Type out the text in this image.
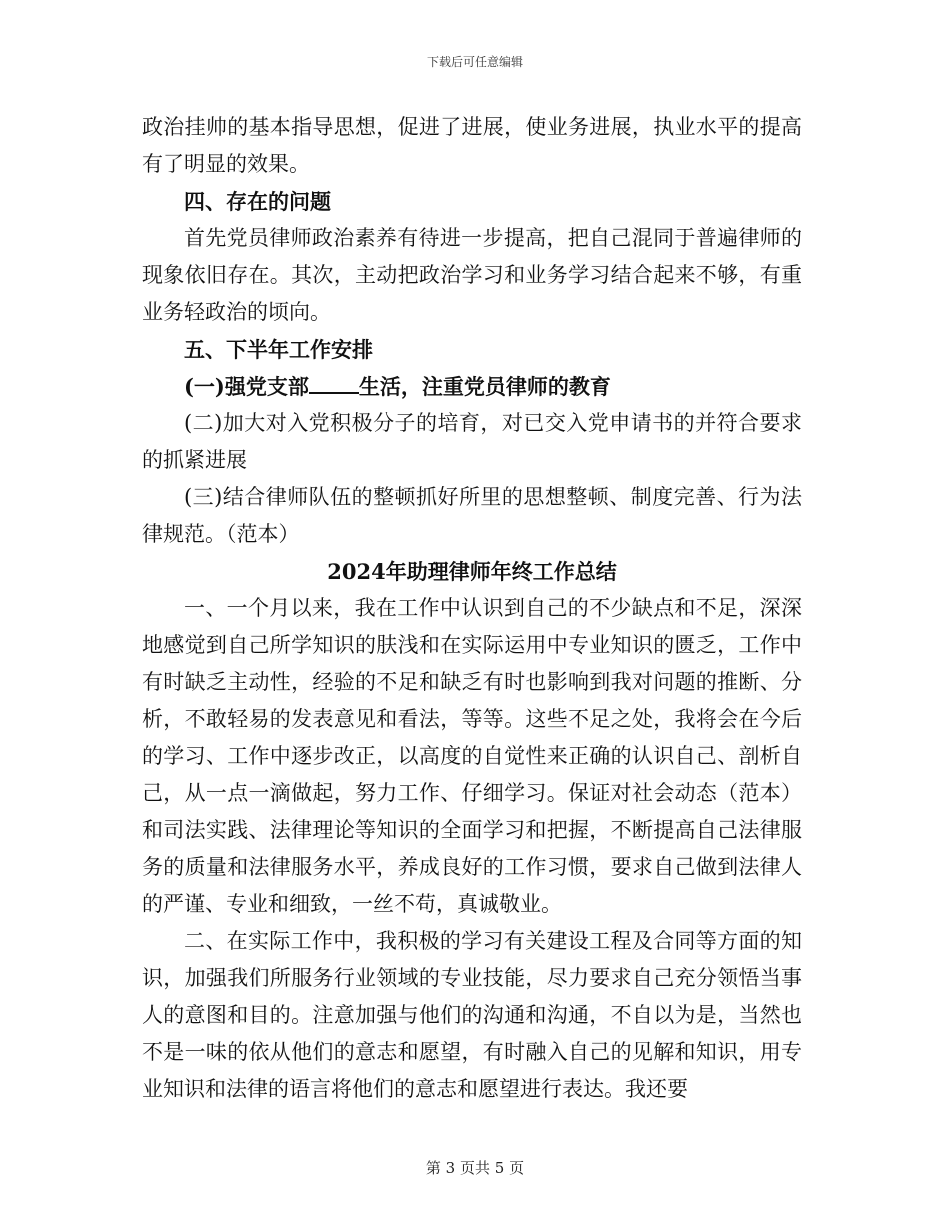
下载后可任意编辑

政治挂帅的基本指导思想，促进了进展，使业务进展，执业水平的提高有了明显的效果。

四、存在的问题

首先党员律师政治素养有待进一步提高，把自己混同于普遍律师的现象依旧存在。其次，主动把政治学习和业务学习结合起来不够，有重业务轻政治的顷向。

五、下半年工作安排

(一)强党支部 生活，注重党员律师的教育

(二)加大对入党积极分子的培育，对已交入党申请书的并符合要求的抓紧进展

(三)结合律师队伍的整顿抓好所里的思想整顿、制度完善、行为法律规范。（范本）

2024年助理律师年终工作总结

一、一个月以来，我在工作中认识到自己的不少缺点和不足，深深地感觉到自己所学知识的肤浅和在实际运用中专业知识的匮乏，工作中有时缺乏主动性，经验的不足和缺乏有时也影响到我对问题的推断、分析，不敢轻易的发表意见和看法，等等。这些不足之处，我将会在今后的学习、工作中逐步改正，以高度的自觉性来正确的认识自己、剖析自己，从一点一滴做起，努力工作、仔细学习。保证对社会动态（范本）和司法实践、法律理论等知识的全面学习和把握，不断提高自己法律服务的质量和法律服务水平，养成良好的工作习惯，要求自己做到法律人的严谨、专业和细致，一丝不苟，真诚敬业。

二、在实际工作中，我积极的学习有关建设工程及合同等方面的知识，加强我们所服务行业领域的专业技能，尽力要求自己充分领悟当事人的意图和目的。注意加强与他们的沟通和沟通，不自以为是，当然也不是一味的依从他们的意志和愿望，有时融入自己的见解和知识，用专业知识和法律的语言将他们的意志和愿望进行表达。我还要

第 3 页共 5 页
